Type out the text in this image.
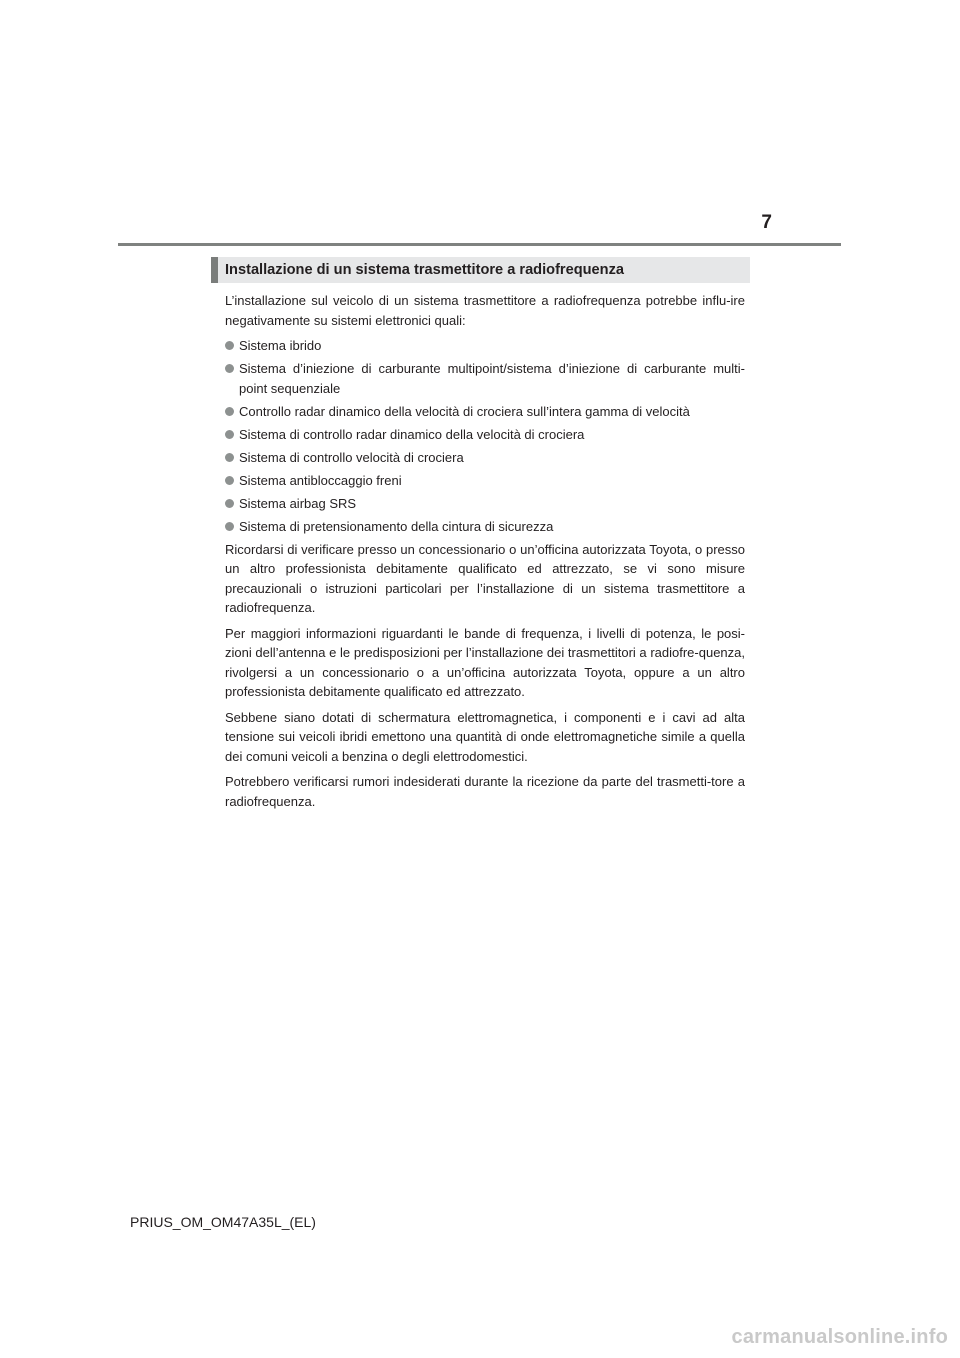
7
Installazione di un sistema trasmettitore a radiofrequenza

L’installazione sul veicolo di un sistema trasmettitore a radiofrequenza potrebbe influ-ire negativamente su sistemi elettronici quali:

Sistema ibrido
Sistema d’iniezione di carburante multipoint/sistema d’iniezione di carburante multi-point sequenziale
Controllo radar dinamico della velocità di crociera sull’intera gamma di velocità
Sistema di controllo radar dinamico della velocità di crociera
Sistema di controllo velocità di crociera
Sistema antibloccaggio freni
Sistema airbag SRS
Sistema di pretensionamento della cintura di sicurezza

Ricordarsi di verificare presso un concessionario o un’officina autorizzata Toyota, o presso un altro professionista debitamente qualificato ed attrezzato, se vi sono misure precauzionali o istruzioni particolari per l’installazione di un sistema trasmettitore a radiofrequenza.

Per maggiori informazioni riguardanti le bande di frequenza, i livelli di potenza, le posi-zioni dell’antenna e le predisposizioni per l’installazione dei trasmettitori a radiofre-quenza, rivolgersi a un concessionario o a un’officina autorizzata Toyota, oppure a un altro professionista debitamente qualificato ed attrezzato.

Sebbene siano dotati di schermatura elettromagnetica, i componenti e i cavi ad alta tensione sui veicoli ibridi emettono una quantità di onde elettromagnetiche simile a quella dei comuni veicoli a benzina o degli elettrodomestici.

Potrebbero verificarsi rumori indesiderati durante la ricezione da parte del trasmetti-tore a radiofrequenza.

PRIUS_OM_OM47A35L_(EL)
carmanualsonline.info
